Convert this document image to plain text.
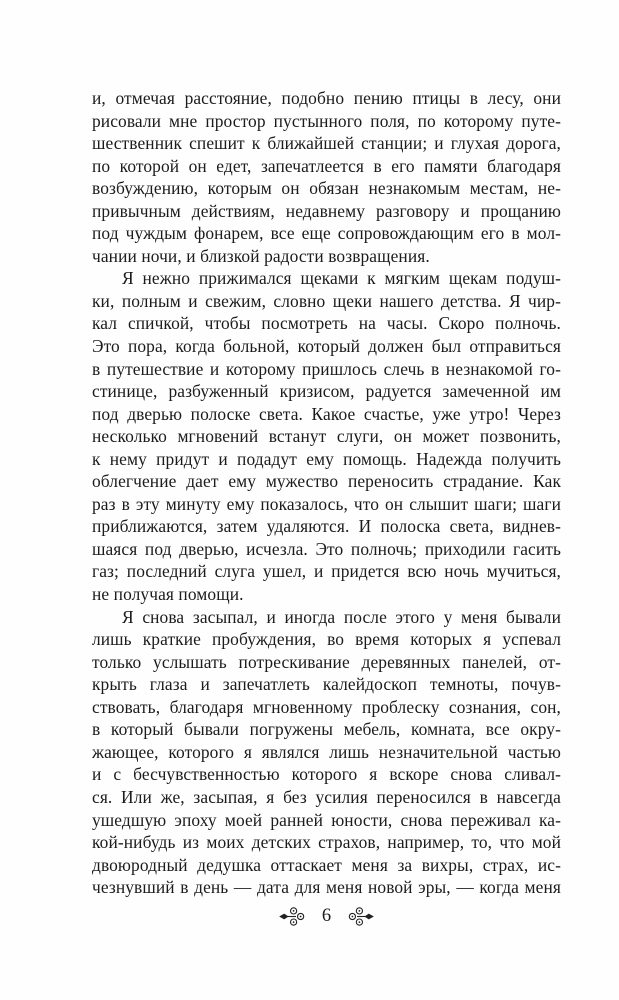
и, отмечая расстояние, подобно пению птицы в лесу, они
рисовали мне простор пустынного поля, по которому путе-
шественник спешит к ближайшей станции; и глухая дорога,
по которой он едет, запечатлеется в его памяти благодаря
возбуждению, которым он обязан незнакомым местам, не-
привычным действиям, недавнему разговору и прощанию
под чуждым фонарем, все еще сопровождающим его в мол-
чании ночи, и близкой радости возвращения.
Я нежно прижимался щеками к мягким щекам подуш-
ки, полным и свежим, словно щеки нашего детства. Я чир-
кал спичкой, чтобы посмотреть на часы. Скоро полночь.
Это пора, когда больной, который должен был отправиться
в путешествие и которому пришлось слечь в незнакомой го-
стинице, разбуженный кризисом, радуется замеченной им
под дверью полоске света. Какое счастье, уже утро! Через
несколько мгновений встанут слуги, он может позвонить,
к нему придут и подадут ему помощь. Надежда получить
облегчение дает ему мужество переносить страдание. Как
раз в эту минуту ему показалось, что он слышит шаги; шаги
приближаются, затем удаляются. И полоска света, виднев-
шаяся под дверью, исчезла. Это полночь; приходили гасить
газ; последний слуга ушел, и придется всю ночь мучиться,
не получая помощи.
Я снова засыпал, и иногда после этого у меня бывали
лишь краткие пробуждения, во время которых я успевал
только услышать потрескивание деревянных панелей, от-
крыть глаза и запечатлеть калейдоскоп темноты, почув-
ствовать, благодаря мгновенному проблеску сознания, сон,
в который бывали погружены мебель, комната, все окру-
жающее, которого я являлся лишь незначительной частью
и с бесчувственностью которого я вскоре снова сливал-
ся. Или же, засыпая, я без усилия переносился в навсегда
ушедшую эпоху моей ранней юности, снова переживал ка-
кой-нибудь из моих детских страхов, например, то, что мой
двоюродный дедушка оттаскает меня за вихры, страх, ис-
чезнувший в день — дата для меня новой эры, — когда меня
6
